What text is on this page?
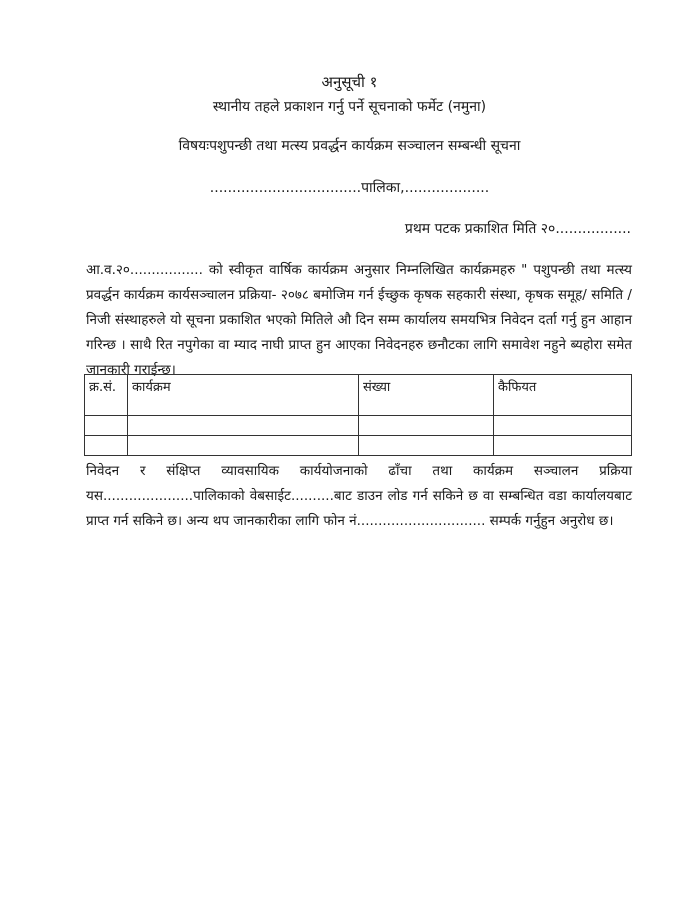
अनुसूची १
स्थानीय तहले प्रकाशन गर्नु पर्ने सूचनाको फर्मेट (नमुना)
विषयःपशुपन्छी तथा मत्स्य प्रवर्द्धन कार्यक्रम सञ्चालन सम्बन्धी सूचना
..................................पालिका,...................
प्रथम पटक प्रकाशित मिति २०.................
आ.व.२०................. को स्वीकृत वार्षिक कार्यक्रम अनुसार निम्नलिखित कार्यक्रमहरु " पशुपन्छी तथा मत्स्य प्रवर्द्धन कार्यक्रम कार्यसञ्चालन प्रक्रिया- २०७८ बमोजिम गर्न ईच्छुक कृषक सहकारी संस्था, कृषक समूह/ समिति / निजी संस्थाहरुले यो सूचना प्रकाशित भएको मितिले औ दिन सम्म कार्यालय समयभित्र निवेदन दर्ता गर्नु हुन आहान गरिन्छ । साथै रित नपुगेका वा म्याद नाघी प्राप्त हुन आएका निवेदनहरु छनौटका लागि समावेश नहुने ब्यहोरा समेत जानकारी गराईन्छ।
क्र.सं.	कार्यक्रम	संख्या	कैफियत

निवेदन र संक्षिप्त व्यावसायिक कार्ययोजनाको ढाँचा तथा कार्यक्रम सञ्चालन प्रक्रिया यस.....................पालिकाको वेबसाईट..........बाट डाउन लोड गर्न सकिने छ वा सम्बन्धित वडा कार्यालयबाट प्राप्त गर्न सकिने छ। अन्य थप जानकारीका लागि फोन नं.............................. सम्पर्क गर्नुहुन अनुरोध छ।
